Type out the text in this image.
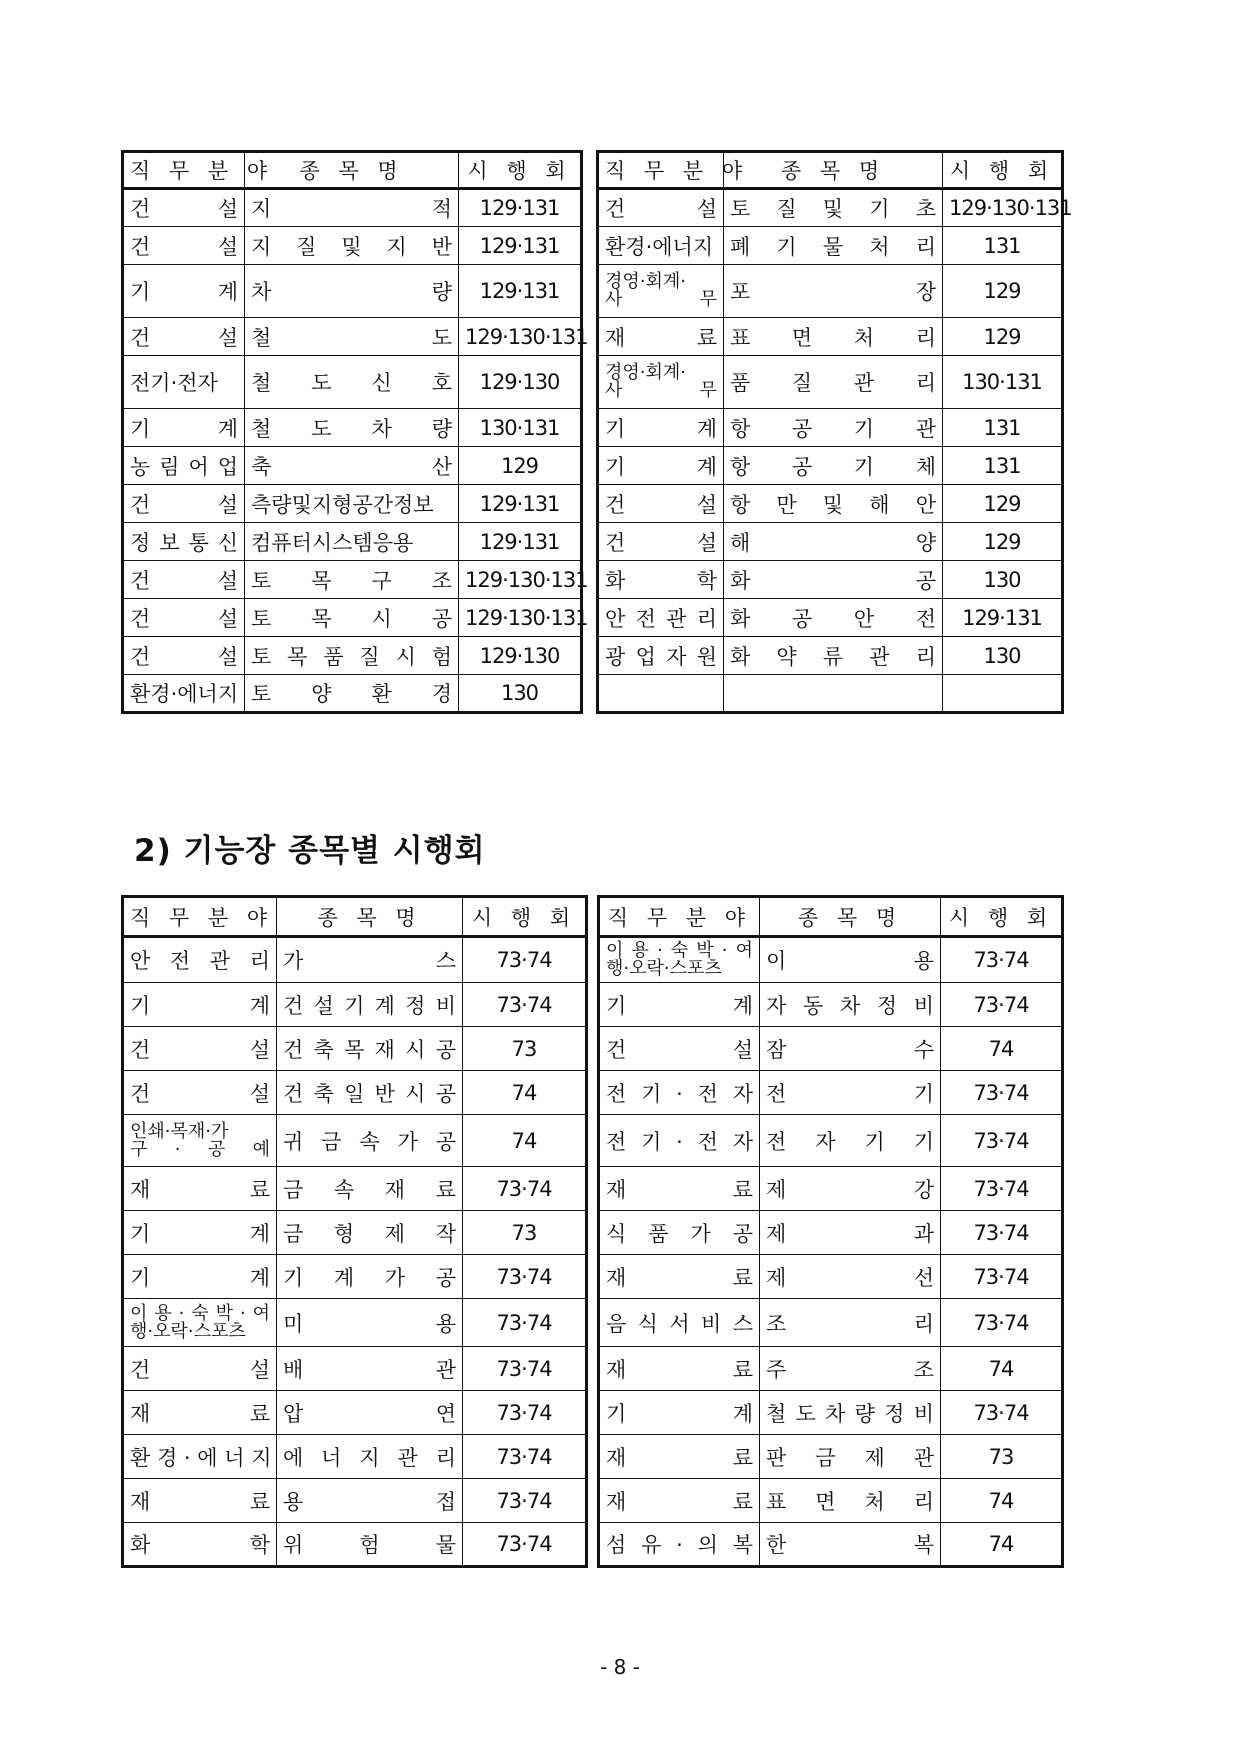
직 무 분 야	종 목 명	시 행 회
건 설	지 적	129·131
건 설	지 질 및 지 반	129·131
기 계	차 량	129·131
건 설	철 도	129·130·131
전기·전자	철 도 신 호	129·130
기 계	철 도 차 량	130·131
농 림 어 업	축 산	129
건 설	측량및지형공간정보	129·131
정 보 통 신	컴퓨터시스템응용	129·131
건 설	토 목 구 조	129·130·131
건 설	토 목 시 공	129·130·131
건 설	토 목 품 질 시 험	129·130
환경·에너지	토 양 환 경	130
직 무 분 야	종 목 명	시 행 회
건 설	토 질 및 기 초	129·130·131
환경·에너지	폐 기 물 처 리	131

경영·회계·
사 무	포 장	129
재 료	표 면 처 리	129

경영·회계·
사 무	품 질 관 리	130·131
기 계	항 공 기 관	131
기 계	항 공 기 체	131
건 설	항 만 및 해 안	129
건 설	해 양	129
화 학	화 공	130
안 전 관 리	화 공 안 전	129·131
광 업 자 원	화 약 류 관 리	130

2) 기능장 종목별 시행회
직 무 분 야	종 목 명	시 행 회
안 전 관 리	가 스	73·74
기 계	건 설 기 계 정 비	73·74
건 설	건 축 목 재 시 공	73
건 설	건 축 일 반 시 공	74

인쇄·목재·가
구 · 공 예	귀 금 속 가 공	74
재 료	금 속 재 료	73·74
기 계	금 형 제 작	73
기 계	기 계 가 공	73·74

이 용 · 숙 박 · 여
행·오락·스포츠	미 용	73·74
건 설	배 관	73·74
재 료	압 연	73·74
환 경 · 에 너 지	에 너 지 관 리	73·74
재 료	용 접	73·74
화 학	위 험 물	73·74
직 무 분 야	종 목 명	시 행 회

이 용 · 숙 박 · 여
행·오락·스포츠	이 용	73·74
기 계	자 동 차 정 비	73·74
건 설	잠 수	74
전 기 · 전 자	전 기	73·74
전 기 · 전 자	전 자 기 기	73·74
재 료	제 강	73·74
식 품 가 공	제 과	73·74
재 료	제 선	73·74
음 식 서 비 스	조 리	73·74
재 료	주 조	74
기 계	철 도 차 량 정 비	73·74
재 료	판 금 제 관	73
재 료	표 면 처 리	74
섬 유 · 의 복	한 복	74
- 8 -
